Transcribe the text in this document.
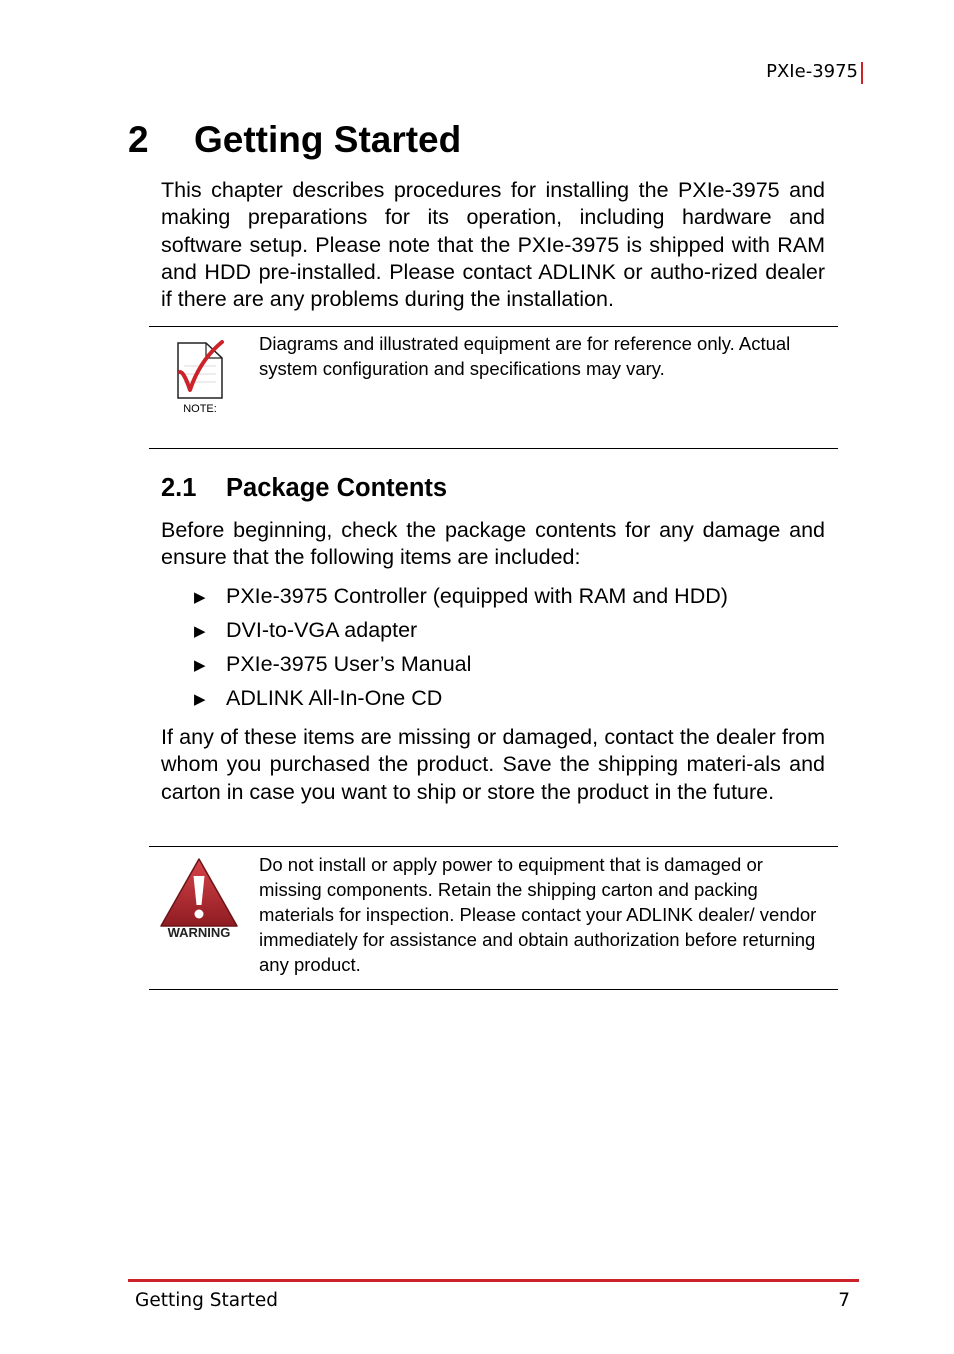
PXIe-3975
2 Getting Started

This chapter describes procedures for installing the PXIe-3975 and making preparations for its operation, including hardware and software setup. Please note that the PXIe-3975 is shipped with RAM and HDD pre-installed. Please contact ADLINK or autho-rized dealer if there are any problems during the installation.

NOTE:

Diagrams and illustrated equipment are for reference only. Actual system configuration and specifications may vary.

2.1 Package Contents

Before beginning, check the package contents for any damage and ensure that the following items are included:

▶ PXIe-3975 Controller (equipped with RAM and HDD)
▶ DVI-to-VGA adapter
▶ PXIe-3975 User’s Manual
▶ ADLINK All-In-One CD

If any of these items are missing or damaged, contact the dealer from whom you purchased the product. Save the shipping materi-als and carton in case you want to ship or store the product in the future.

WARNING

Do not install or apply power to equipment that is damaged or missing components. Retain the shipping carton and packing materials for inspection. Please contact your ADLINK dealer/ vendor immediately for assistance and obtain authorization before returning any product.

Getting Started	7
